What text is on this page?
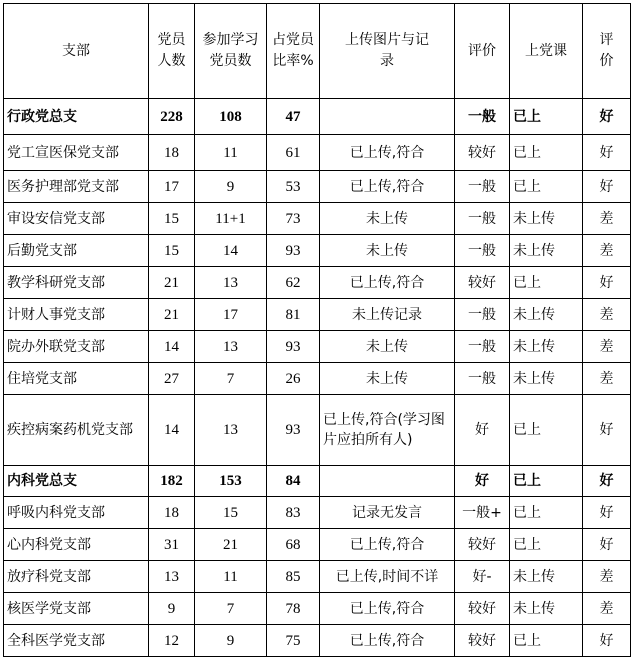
支部	党员人数	参加学习党员数	占党员比率%	上传图片与记录	评价	上党课	评价
行政党总支	228	108	47		一般	已上	好
党工宣医保党支部	18	11	61	已上传,符合	较好	已上	好
医务护理部党支部	17	9	53	已上传,符合	一般	已上	好
审设安信党支部	15	11+1	73	未上传	一般	未上传	差
后勤党支部	15	14	93	未上传	一般	未上传	差
教学科研党支部	21	13	62	已上传,符合	较好	已上	好
计财人事党支部	21	17	81	未上传记录	一般	未上传	差
院办外联党支部	14	13	93	未上传	一般	未上传	差
住培党支部	27	7	26	未上传	一般	未上传	差
疾控病案药机党支部	14	13	93	已上传,符合(学习图片应拍所有人)	好	已上	好
内科党总支	182	153	84		好	已上	好
呼吸内科党支部	18	15	83	记录无发言	一般+	已上	好
心内科党支部	31	21	68	已上传,符合	较好	已上	好
放疗科党支部	13	11	85	已上传,时间不详	好-	未上传	差
核医学党支部	9	7	78	已上传,符合	较好	未上传	差
全科医学党支部	12	9	75	已上传,符合	较好	已上	好
